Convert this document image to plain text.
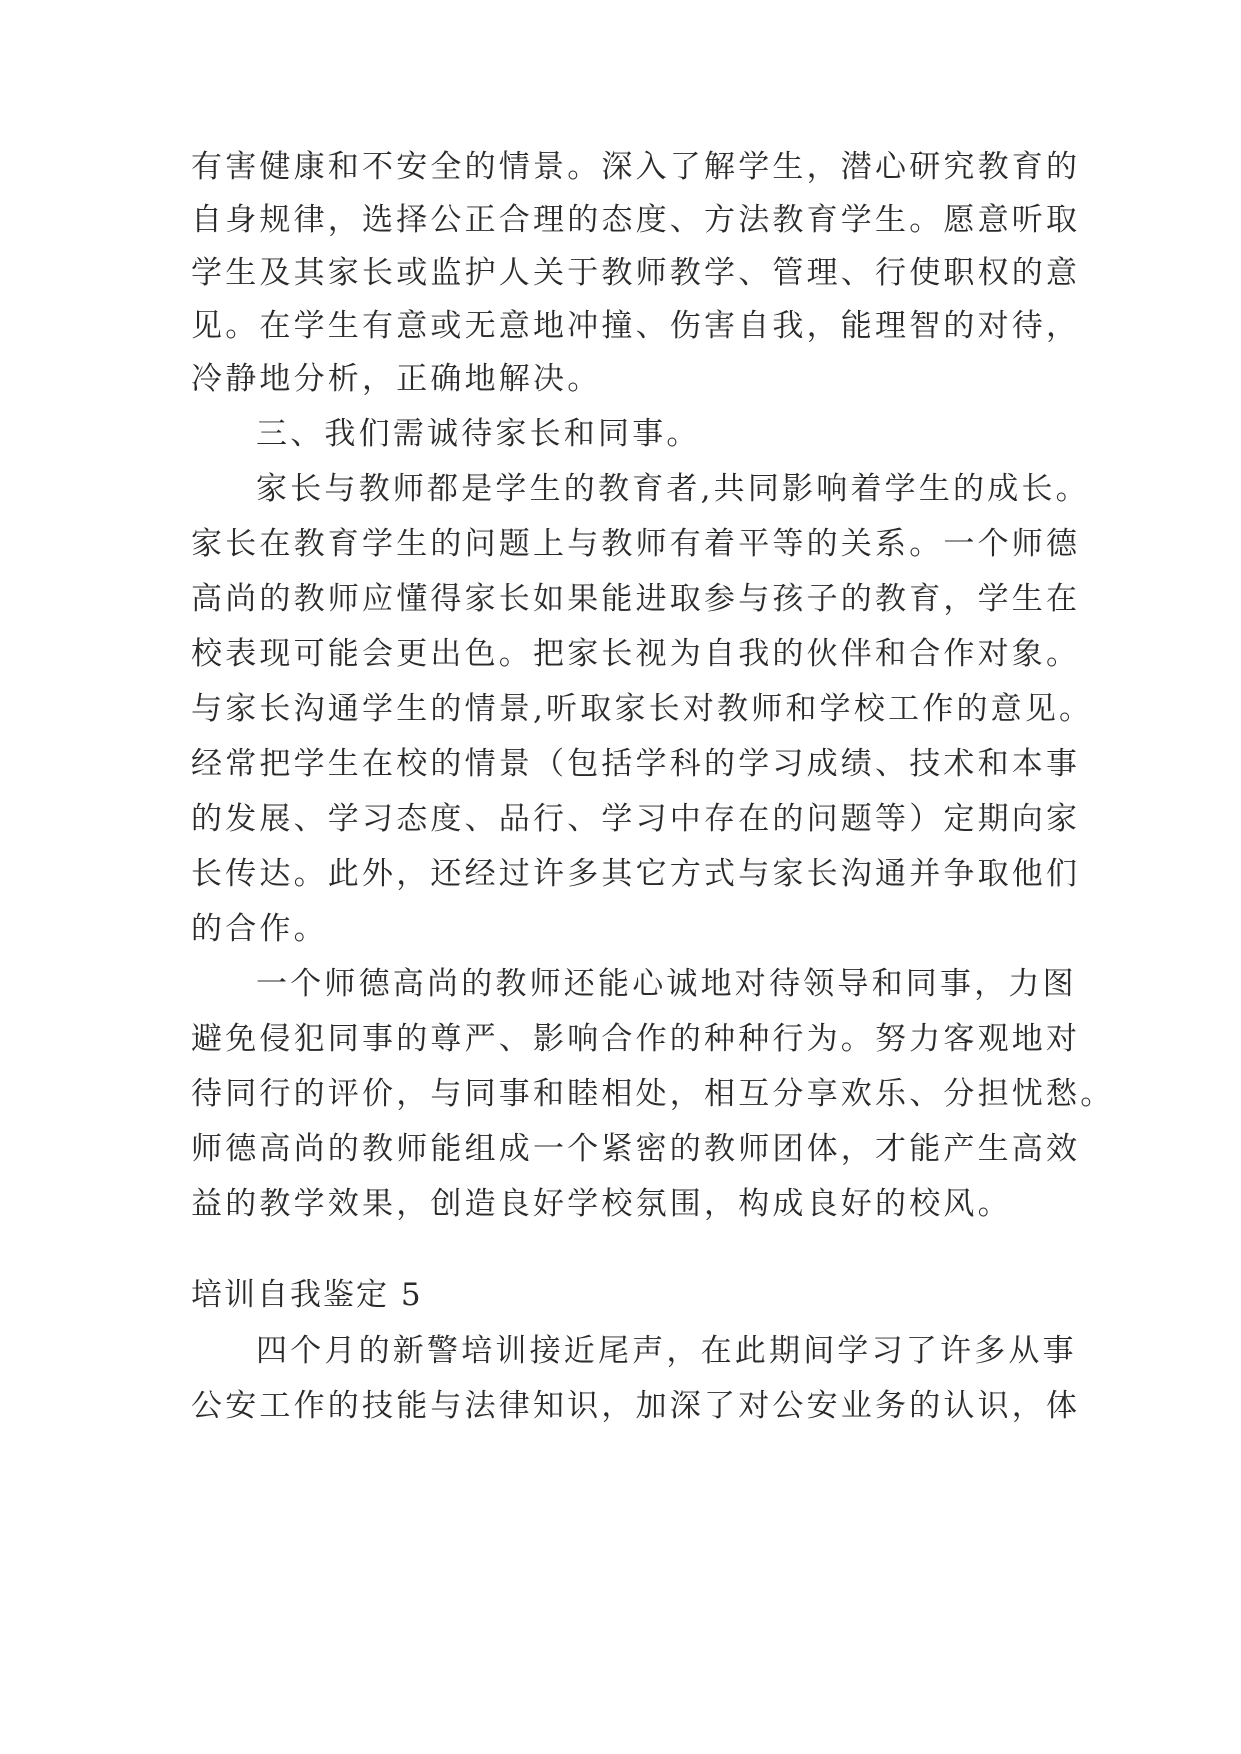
有害健康和不安全的情景。深入了解学生，潜心研究教育的
自身规律，选择公正合理的态度、方法教育学生。愿意听取
学生及其家长或监护人关于教师教学、管理、行使职权的意
见。在学生有意或无意地冲撞、伤害自我，能理智的对待，
冷静地分析，正确地解决。
三、我们需诚待家长和同事。
家长与教师都是学生的教育者,共同影响着学生的成长。
家长在教育学生的问题上与教师有着平等的关系。一个师德
高尚的教师应懂得家长如果能进取参与孩子的教育，学生在
校表现可能会更出色。把家长视为自我的伙伴和合作对象。
与家长沟通学生的情景,听取家长对教师和学校工作的意见。
经常把学生在校的情景（包括学科的学习成绩、技术和本事
的发展、学习态度、品行、学习中存在的问题等）定期向家
长传达。此外，还经过许多其它方式与家长沟通并争取他们
的合作。
一个师德高尚的教师还能心诚地对待领导和同事，力图
避免侵犯同事的尊严、影响合作的种种行为。努力客观地对
待同行的评价，与同事和睦相处，相互分享欢乐、分担忧愁。
师德高尚的教师能组成一个紧密的教师团体，才能产生高效
益的教学效果，创造良好学校氛围，构成良好的校风。
培训自我鉴定 5
四个月的新警培训接近尾声，在此期间学习了许多从事
公安工作的技能与法律知识，加深了对公安业务的认识，体
